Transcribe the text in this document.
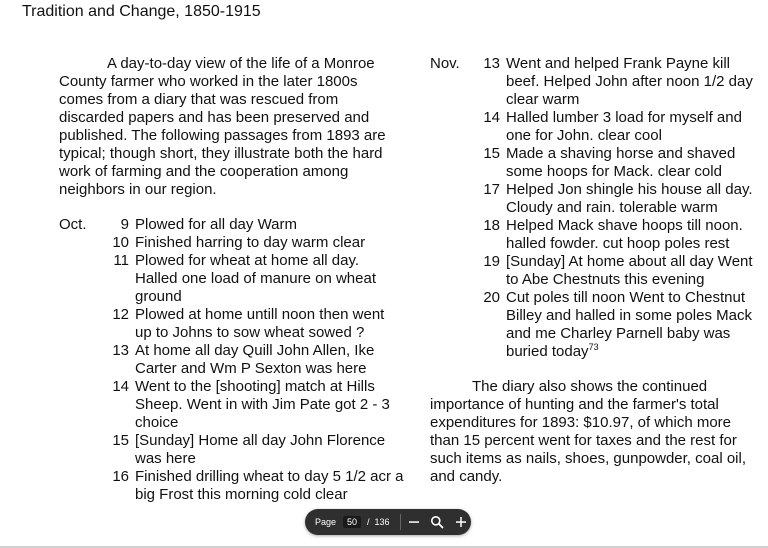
Tradition and Change, 1850-1915

A day-to-day view of the life of a Monroe County farmer who worked in the later 1800s comes from a diary that was rescued from discarded papers and has been preserved and published. The following passages from 1893 are typical; though short, they illustrate both the hard work of farming and the cooperation among neighbors in our region.

Oct.	9 Plowed for all day Warm
10 Finished harring to day warm clear
11 Plowed for wheat at home all day. Halled one load of manure on wheat ground
12 Plowed at home untill noon then went up to Johns to sow wheat sowed ?
13 At home all day Quill John Allen, Ike Carter and Wm P Sexton was here
14 Went to the [shooting] match at Hills Sheep. Went in with Jim Pate got 2 - 3 choice
15 [Sunday] Home all day John Florence was here
16 Finished drilling wheat to day 5 1/2 acr a big Frost this morning cold clear
Nov.	13 Went and helped Frank Payne kill beef. Helped John after noon 1/2 day clear warm
14 Halled lumber 3 load for myself and one for John. clear cool
15 Made a shaving horse and shaved some hoops for Mack. clear cold
17 Helped Jon shingle his house all day. Cloudy and rain. tolerable warm
18 Helped Mack shave hoops till noon. halled fowder. cut hoop poles rest
19 [Sunday] At home about all day Went to Abe Chestnuts this evening
20 Cut poles till noon Went to Chestnut Billey and halled in some poles Mack and me Charley Parnell baby was buried today$^{73}$

The diary also shows the continued importance of hunting and the farmer's total expenditures for 1893: $10.97, of which more than 15 percent went for taxes and the rest for such items as nails, shoes, gunpowder, coal oil, and candy.

Page	50	/ 136
